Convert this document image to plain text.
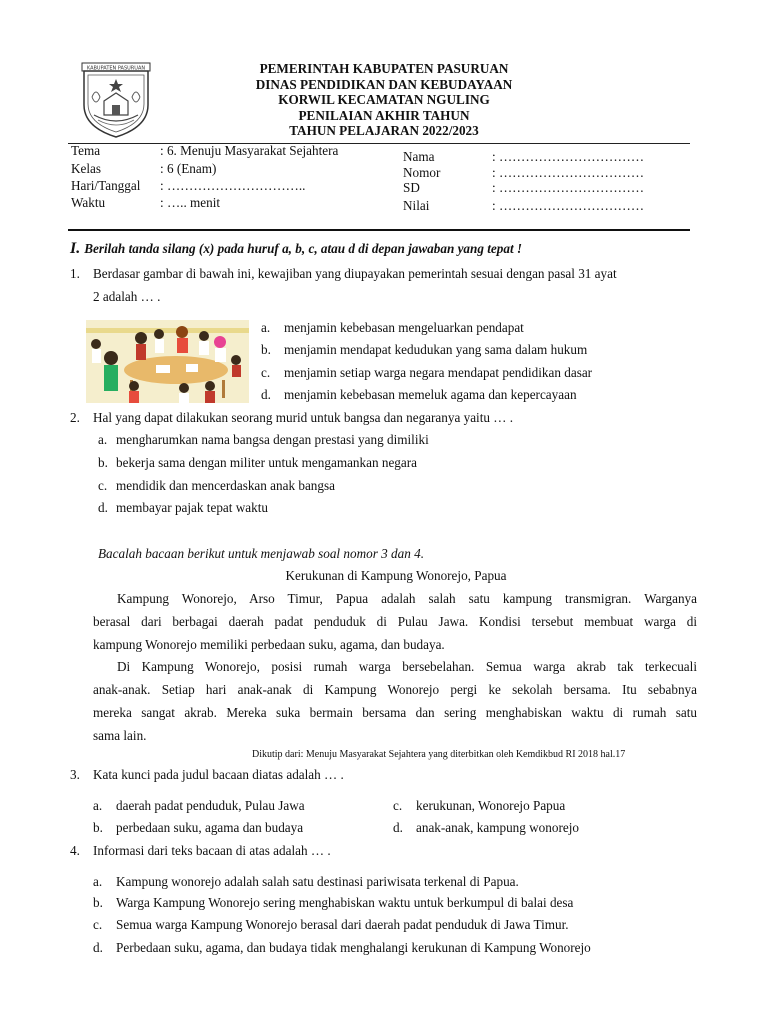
KABUPATEN PASURUAN	PEMERINTAH KABUPATEN PASURUAN
DINAS PENDIDIKAN DAN KEBUDAYAAN
KORWIL KECAMATAN NGULING
PENILAIAN AKHIR TAHUN
TAHUN PELAJARAN 2022/2023
Tema	: 6. Menuju Masyarakat Sejahtera
Kelas	: 6 (Enam)
Hari/Tanggal : …………………………..
Waktu	: ….. menit
Nama	: ……………………………
Nomor	: ……………………………
SD	: ……………………………
Nilai	: ……………………………
I. Berilah tanda silang (x) pada huruf a, b, c, atau d di depan jawaban yang tepat !
1. Berdasar gambar di bawah ini, kewajiban yang diupayakan pemerintah sesuai dengan pasal 31 ayat
2 adalah … .
a. menjamin kebebasan mengeluarkan pendapat
b. menjamin mendapat kedudukan yang sama dalam hukum
c. menjamin setiap warga negara mendapat pendidikan dasar
d. menjamin kebebasan memeluk agama dan kepercayaan
2. Hal yang dapat dilakukan seorang murid untuk bangsa dan negaranya yaitu … .
a. mengharumkan nama bangsa dengan prestasi yang dimiliki
b. bekerja sama dengan militer untuk mengamankan negara
c. mendidik dan mencerdaskan anak bangsa
d. membayar pajak tepat waktu
Bacalah bacaan berikut untuk menjawab soal nomor 3 dan 4.
Kerukunan di Kampung Wonorejo, Papua
Kampung Wonorejo, Arso Timur, Papua adalah salah satu kampung transmigran. Warganya
berasal dari berbagai daerah padat penduduk di Pulau Jawa. Kondisi tersebut membuat warga di
kampung Wonorejo memiliki perbedaan suku, agama, dan budaya.
Di Kampung Wonorejo, posisi rumah warga bersebelahan. Semua warga akrab tak terkecuali
anak-anak. Setiap hari anak-anak di Kampung Wonorejo pergi ke sekolah bersama. Itu sebabnya
mereka sangat akrab. Mereka suka bermain bersama dan sering menghabiskan waktu di rumah satu
sama lain.
Dikutip dari: Menuju Masyarakat Sejahtera yang diterbitkan oleh Kemdikbud RI 2018 hal.17
3. Kata kunci pada judul bacaan diatas adalah … .
a. daerah padat penduduk, Pulau Jawa
b. perbedaan suku, agama dan budaya
c. kerukunan, Wonorejo Papua
d. anak-anak, kampung wonorejo
4. Informasi dari teks bacaan di atas adalah … .
a. Kampung wonorejo adalah salah satu destinasi pariwisata terkenal di Papua.
b. Warga Kampung Wonorejo sering menghabiskan waktu untuk berkumpul di balai desa
c. Semua warga Kampung Wonorejo berasal dari daerah padat penduduk di Jawa Timur.
d. Perbedaan suku, agama, dan budaya tidak menghalangi kerukunan di Kampung Wonorejo
